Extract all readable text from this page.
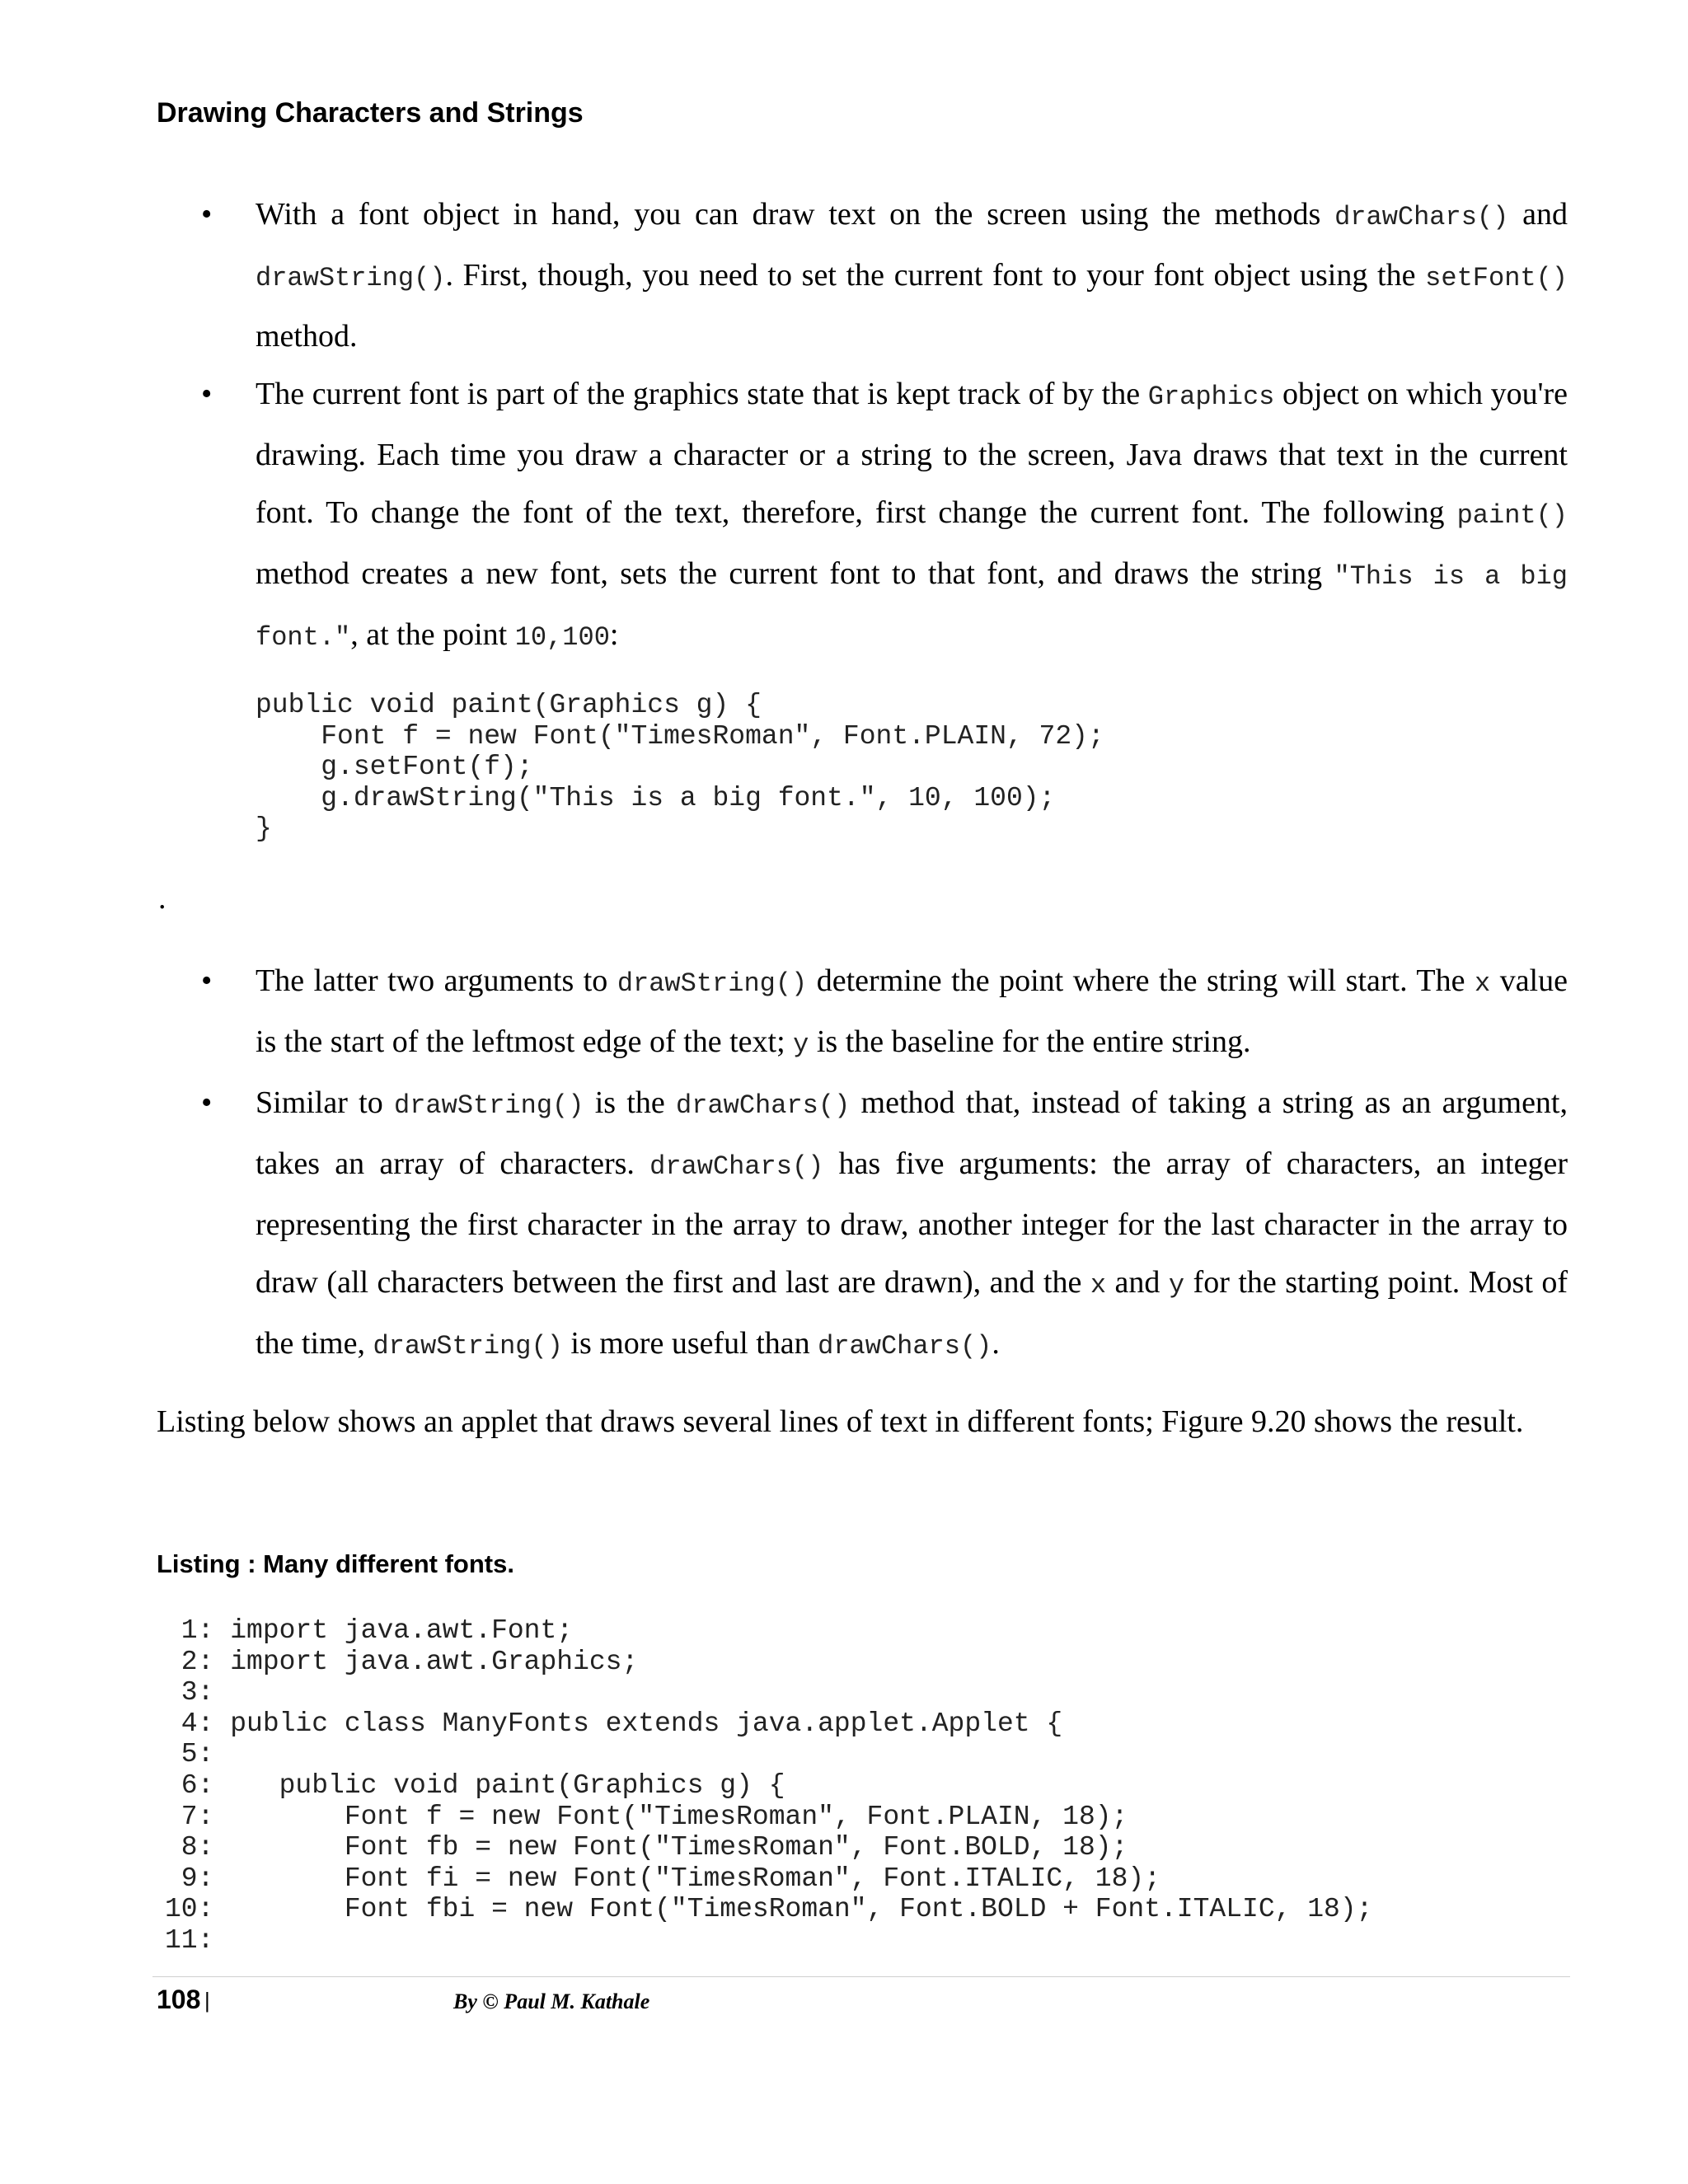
Drawing Characters and Strings

• With a font object in hand, you can draw text on the screen using the methods drawChars() and drawString(). First, though, you need to set the current font to your font object using the setFont() method.

• The current font is part of the graphics state that is kept track of by the Graphics object on which you're drawing. Each time you draw a character or a string to the screen, Java draws that text in the current font. To change the font of the text, therefore, first change the current font. The following paint() method creates a new font, sets the current font to that font, and draws the string "This is a big font.", at the point 10,100:

public void paint(Graphics g) {
Font f = new Font("TimesRoman", Font.PLAIN, 72);
g.setFont(f);
g.drawString("This is a big font.", 10, 100);
}
.

• The latter two arguments to drawString() determine the point where the string will start. The x value is the start of the leftmost edge of the text; y is the baseline for the entire string.

• Similar to drawString() is the drawChars() method that, instead of taking a string as an argument, takes an array of characters. drawChars() has five arguments: the array of characters, an integer representing the first character in the array to draw, another integer for the last character in the array to draw (all characters between the first and last are drawn), and the x and y for the starting point. Most of the time, drawString() is more useful than drawChars().

Listing below shows an applet that draws several lines of text in different fonts; Figure 9.20 shows the result.

Listing : Many different fonts.
1: import java.awt.Font;
2: import java.awt.Graphics;
3:
4: public class ManyFonts extends java.applet.Applet {
5:
6:    public void paint(Graphics g) {
7:        Font f = new Font("TimesRoman", Font.PLAIN, 18);
8:        Font fb = new Font("TimesRoman", Font.BOLD, 18);
9:        Font fi = new Font("TimesRoman", Font.ITALIC, 18);
10:        Font fbi = new Font("TimesRoman", Font.BOLD + Font.ITALIC, 18);
11:
108 |	By © Paul M. Kathale
